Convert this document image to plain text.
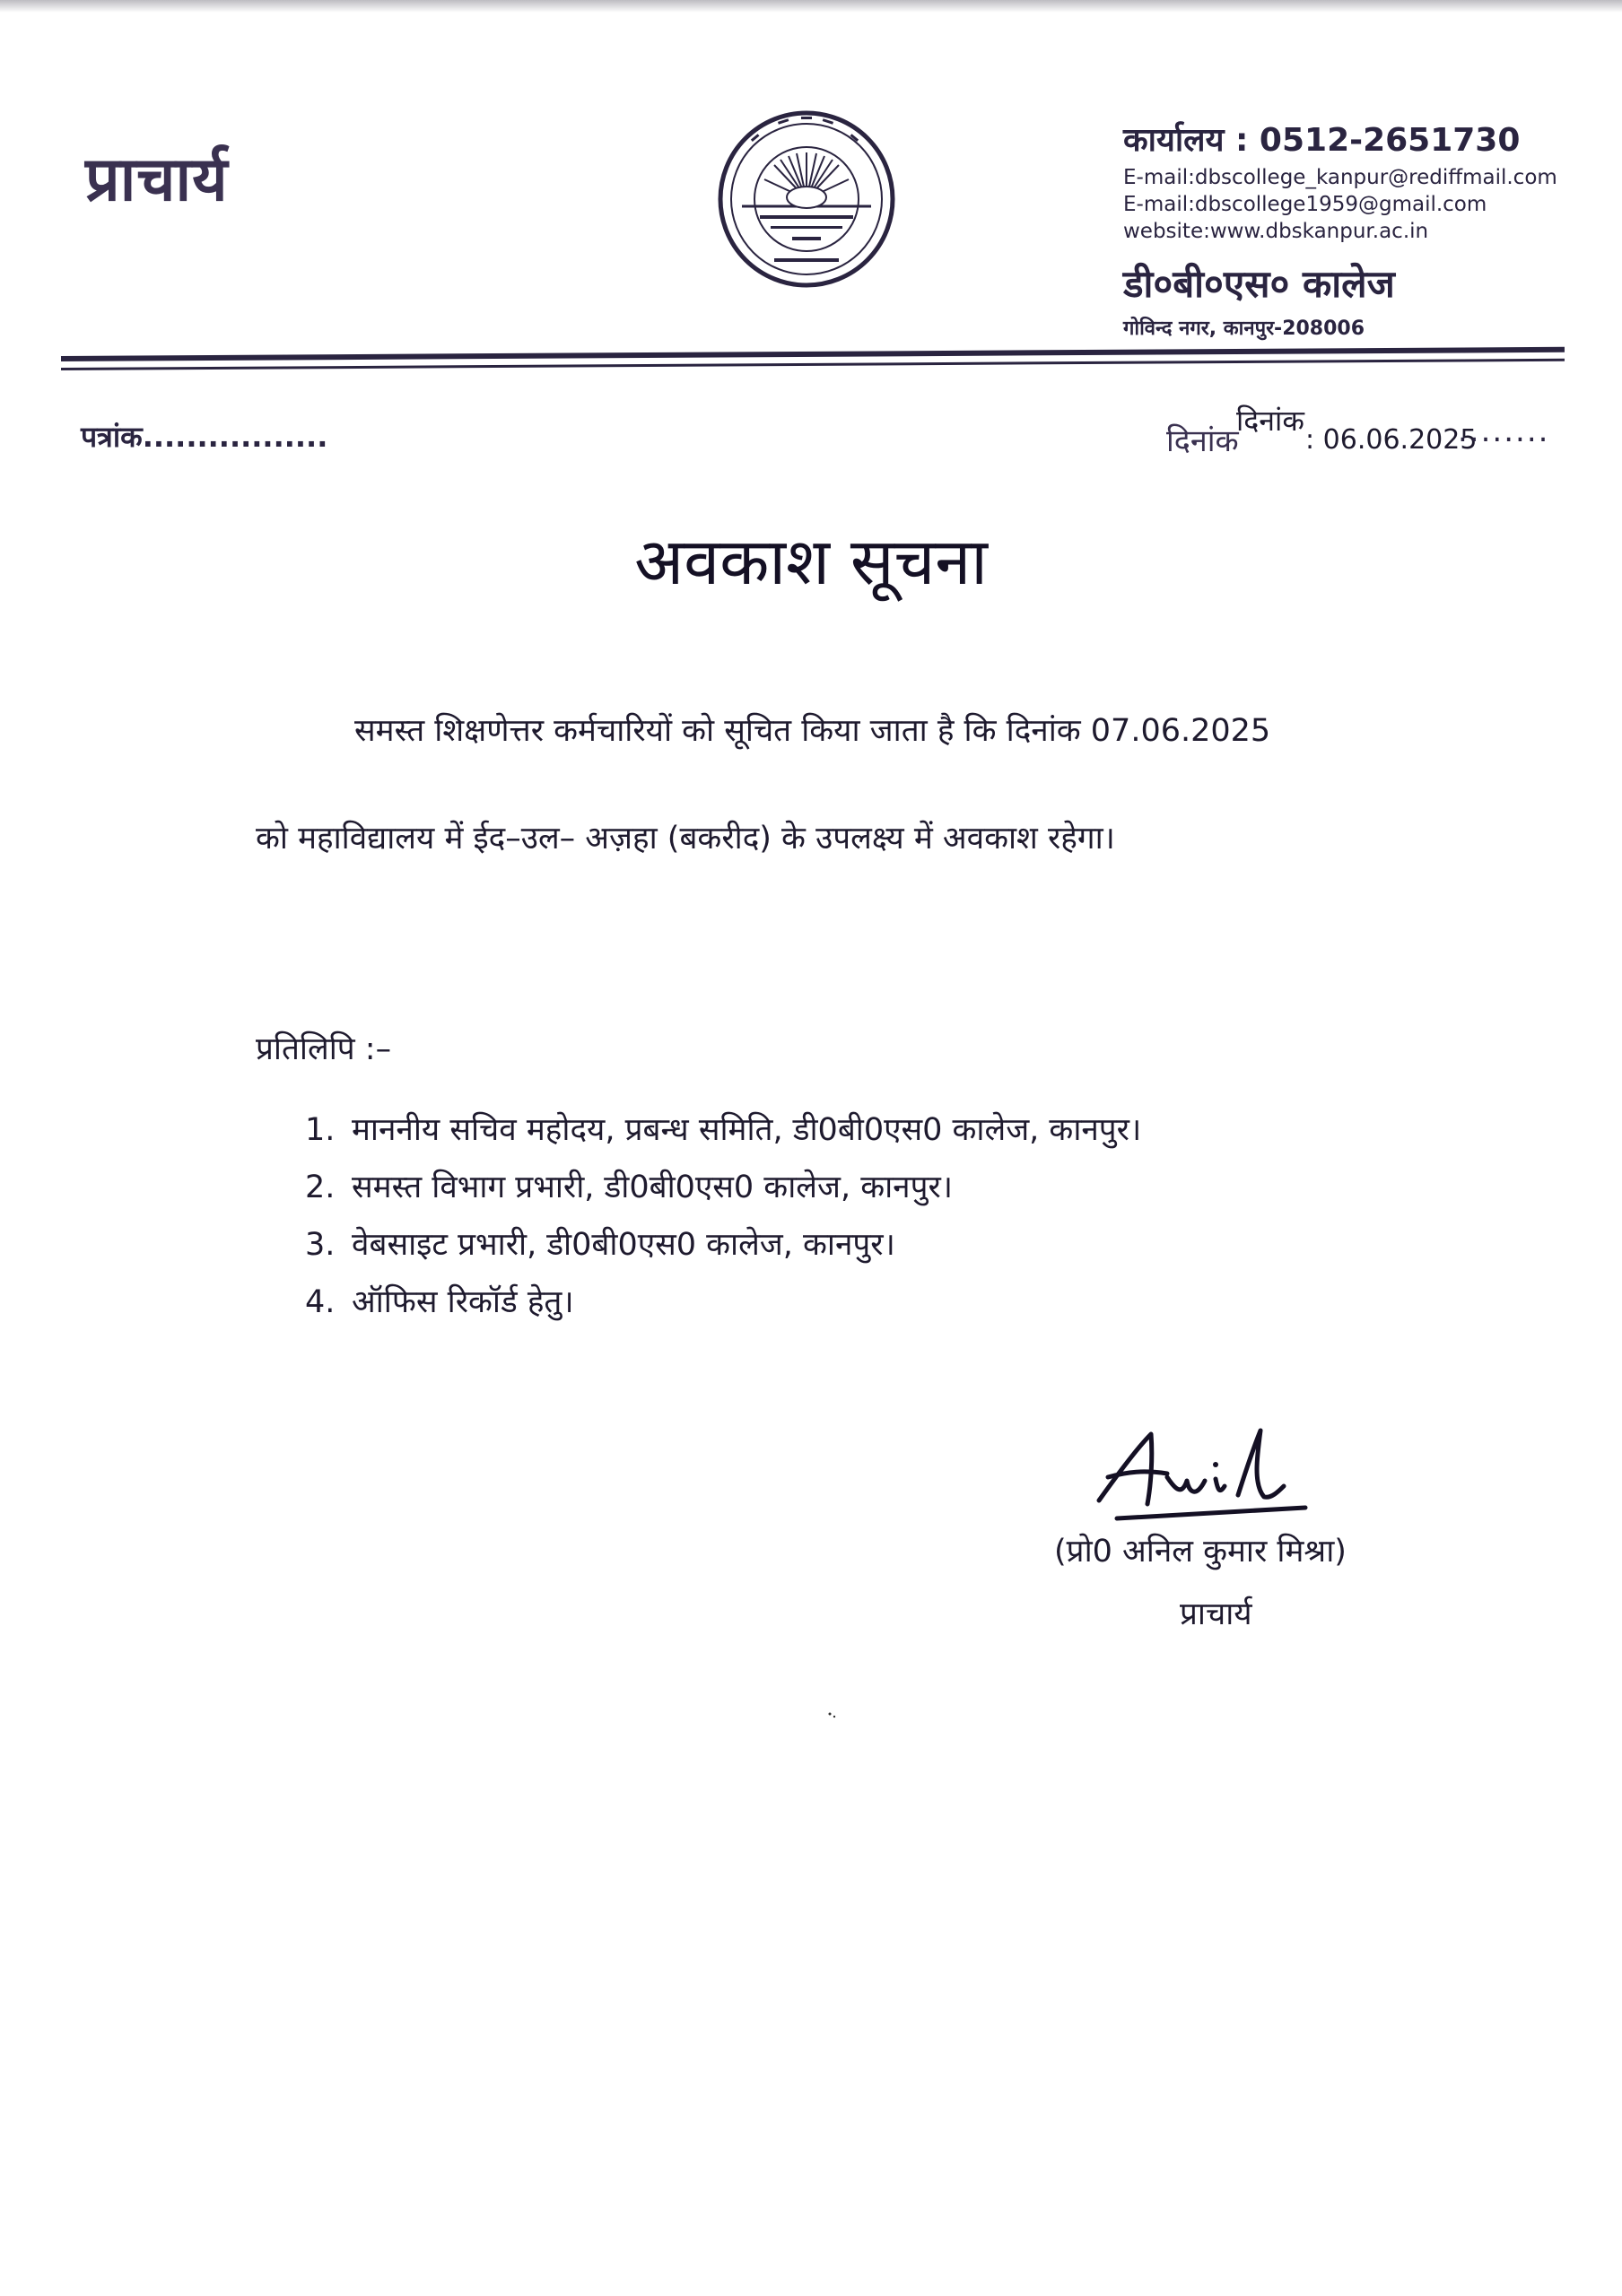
प्राचार्य
कार्यालय : 0512-2651730
E-mail:dbscollege_kanpur@rediffmail.com
E-mail:dbscollege1959@gmail.com
website:www.dbskanpur.ac.in
डी०बी०एस० कालेज
गोविन्द नगर, कानपुर-208006
पत्रांक.................	दिनांक
दिनांक
: 06.06.2025
........
अवकाश सूचना
समस्त शिक्षणेत्तर कर्मचारियों को सूचित किया जाता है कि दिनांक 07.06.2025
को महाविद्यालय में ईद–उल– अज़हा (बकरीद) के उपलक्ष्य में अवकाश रहेगा।
प्रतिलिपि :–
1. माननीय सचिव महोदय, प्रबन्ध समिति, डी0बी0एस0 कालेज, कानपुर।
2. समस्त विभाग प्रभारी, डी0बी0एस0 कालेज, कानपुर।
3. वेबसाइट प्रभारी, डी0बी0एस0 कालेज, कानपुर।
4. ऑफिस रिकॉर्ड हेतु।
(प्रो0 अनिल कुमार मिश्रा)
प्राचार्य
